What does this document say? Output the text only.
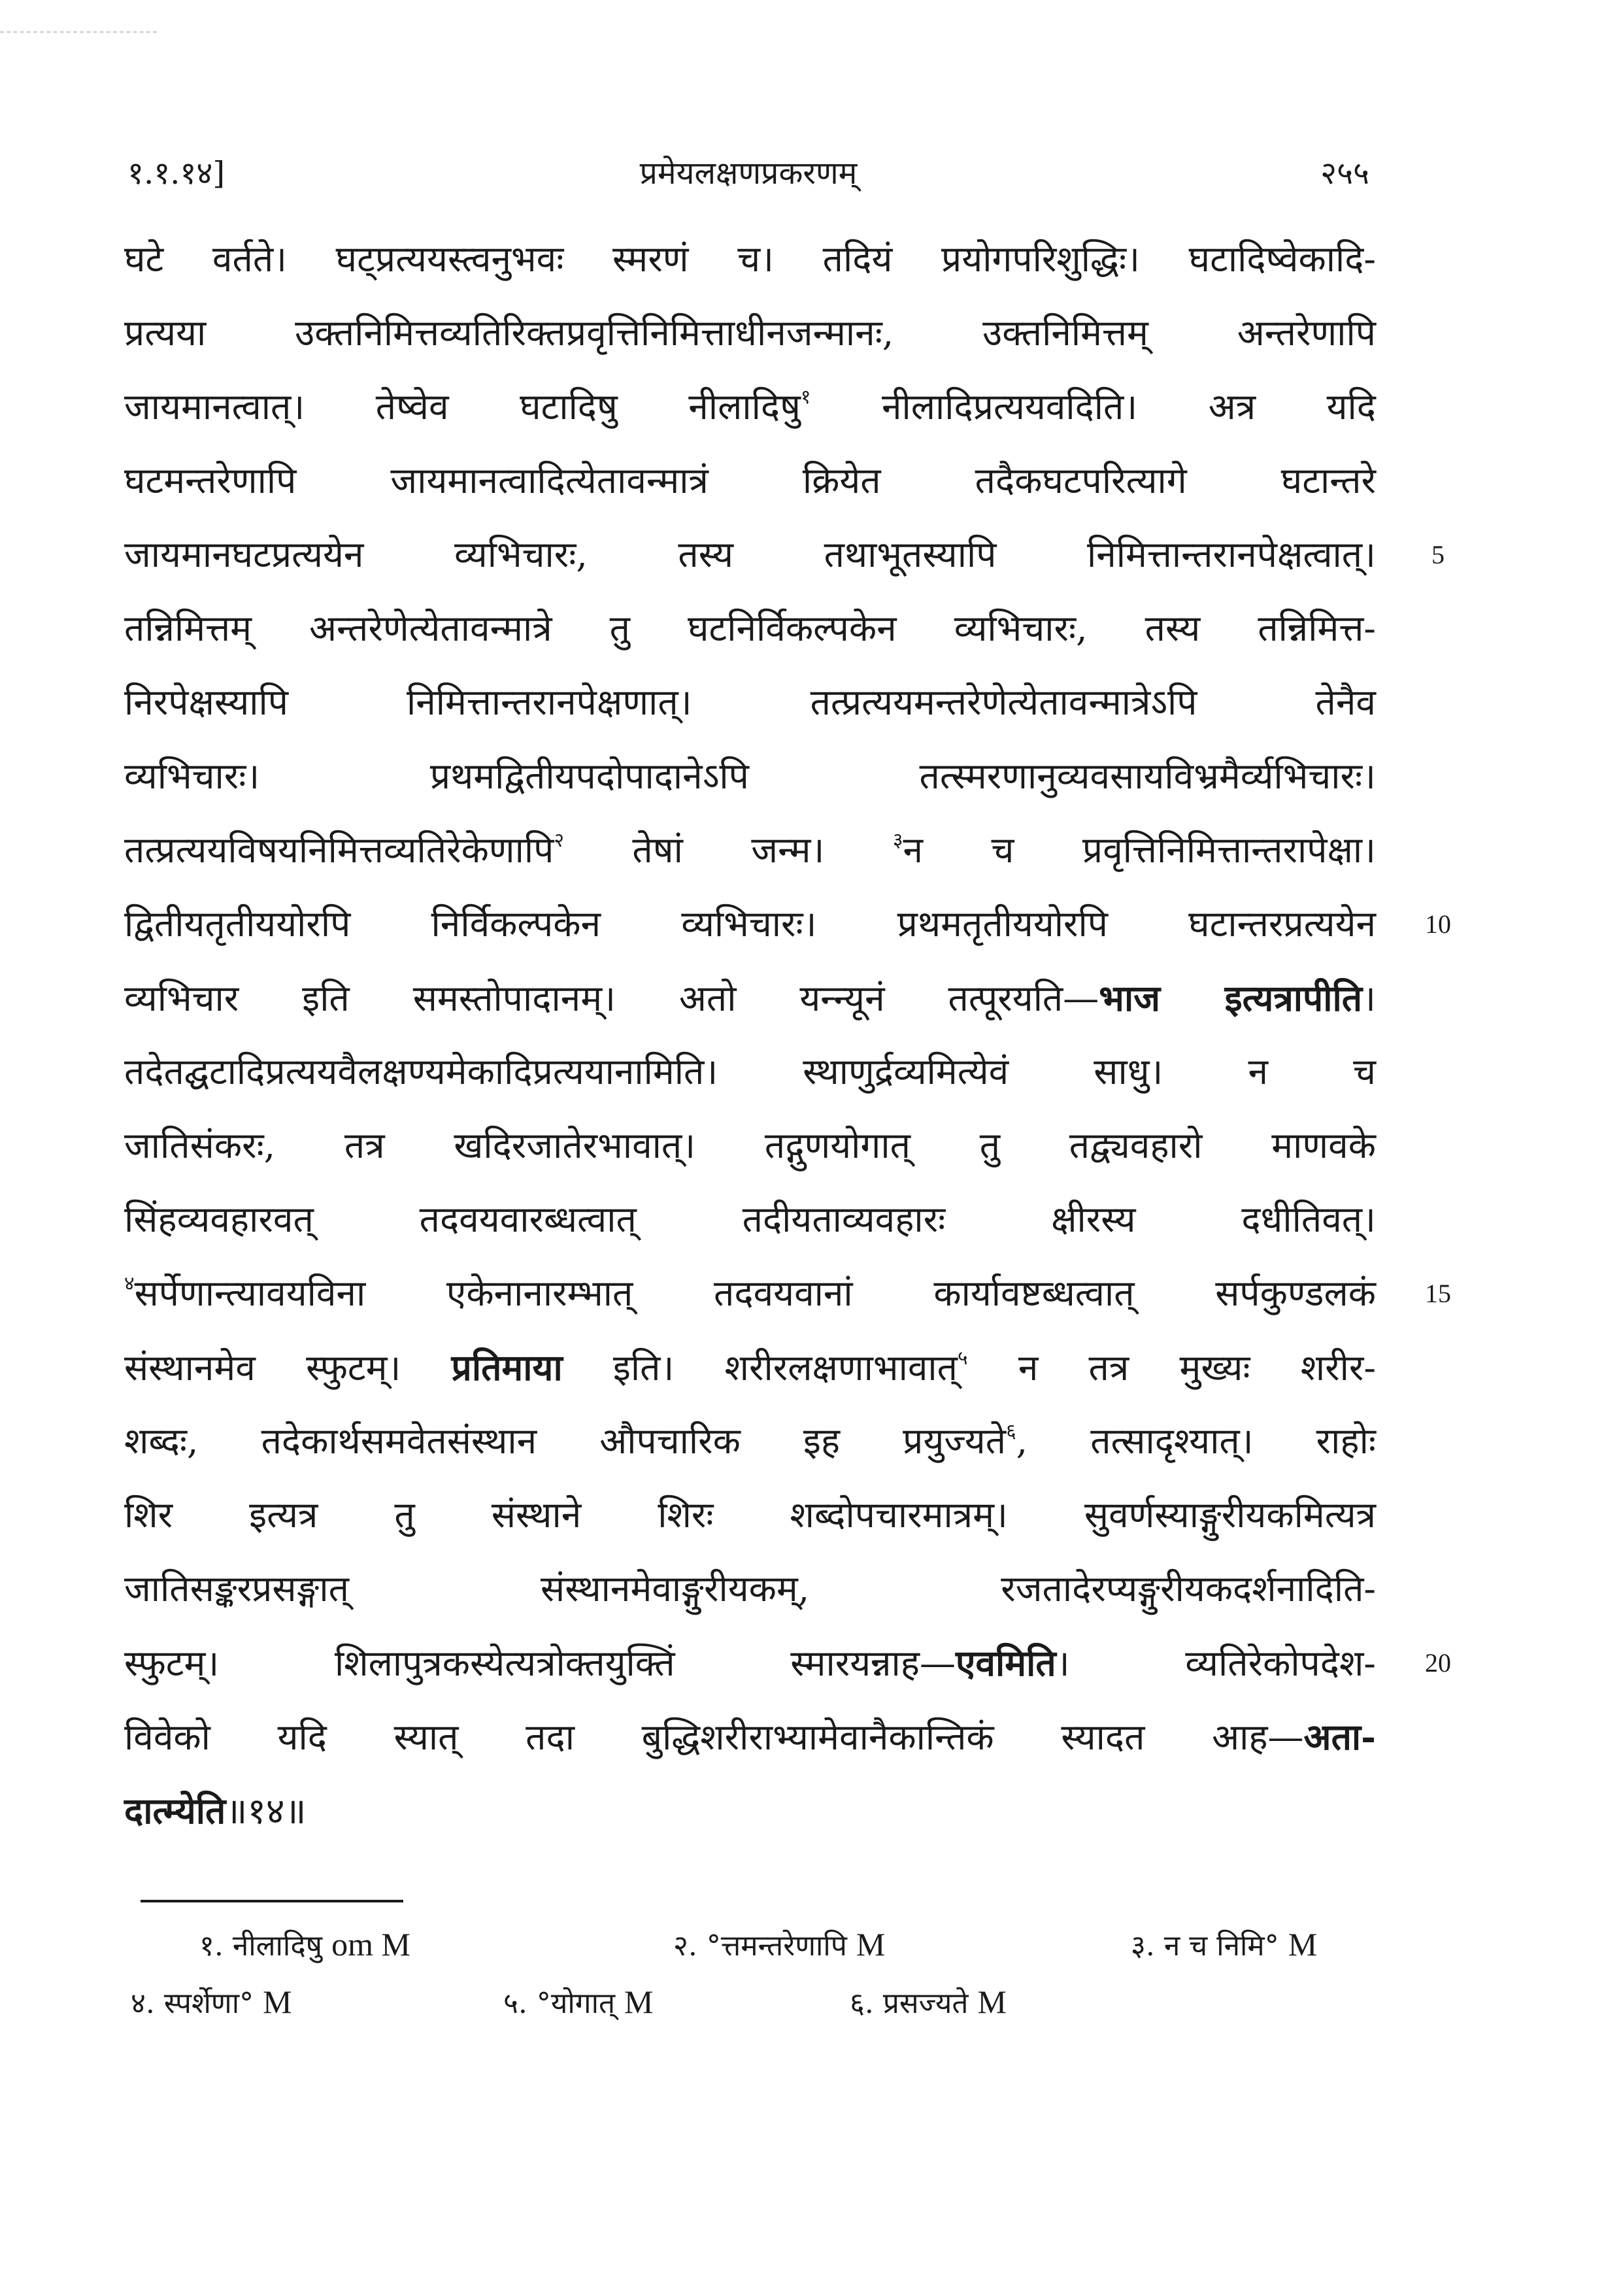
१.१.१४]	प्रमेयलक्षणप्रकरणम्	२५५
घटे वर्तते। घट्प्रत्ययस्त्वनुभवः स्मरणं च। तदियं प्रयोगपरिशुद्धिः। घटादिष्वेकादि-
प्रत्यया उक्तनिमित्तव्यतिरिक्तप्रवृत्तिनिमित्ताधीनजन्मानः, उक्तनिमित्तम् अन्तरेणापि
जायमानत्वात्। तेष्वेव घटादिषु नीलादिषु$^१$ नीलादिप्रत्ययवदिति। अत्र यदि
घटमन्तरेणापि जायमानत्वादित्येतावन्मात्रं क्रियेत तदैकघटपरित्यागे घटान्तरे
जायमानघटप्रत्ययेन व्यभिचारः, तस्य तथाभूतस्यापि निमित्तान्तरानपेक्षत्वात्।	5
तन्निमित्तम् अन्तरेणेत्येतावन्मात्रे तु घटनिर्विकल्पकेन व्यभिचारः, तस्य तन्निमित्त-
निरपेक्षस्यापि निमित्तान्तरानपेक्षणात्। तत्प्रत्ययमन्तरेणेत्येतावन्मात्रेऽपि तेनैव
व्यभिचारः। प्रथमद्वितीयपदोपादानेऽपि तत्स्मरणानुव्यवसायविभ्रमैर्व्यभिचारः।
तत्प्रत्ययविषयनिमित्तव्यतिरेकेणापि$^२$ तेषां जन्म। $^३$न च प्रवृत्तिनिमित्तान्तरापेक्षा।
द्वितीयतृतीययोरपि निर्विकल्पकेन व्यभिचारः। प्रथमतृतीययोरपि घटान्तरप्रत्ययेन	10
व्यभिचार इति समस्तोपादानम्। अतो यन्न्यूनं तत्पूरयति—भाज इत्यत्रापीति।
तदेतद्घटादिप्रत्ययवैलक्षण्यमेकादिप्रत्ययानामिति। स्थाणुर्द्रव्यमित्येवं साधु। न च
जातिसंकरः, तत्र खदिरजातेरभावात्। तद्गुणयोगात् तु तद्व्यवहारो माणवके
सिंहव्यवहारवत् तदवयवारब्धत्वात् तदीयताव्यवहारः क्षीरस्य दधीतिवत्।
$^४$सर्पेणान्त्यावयविना एकेनानारम्भात् तदवयवानां कार्यावष्टब्धत्वात् सर्पकुण्डलकं	15
संस्थानमेव स्फुटम्। प्रतिमाया इति। शरीरलक्षणाभावात्$^५$ न तत्र मुख्यः शरीर-
शब्दः, तदेकार्थसमवेतसंस्थान औपचारिक इह प्रयुज्यते$^६$, तत्सादृश्यात्। राहोः
शिर इत्यत्र तु संस्थाने शिरः शब्दोपचारमात्रम्। सुवर्णस्याङ्गुरीयकमित्यत्र
जातिसङ्करप्रसङ्गात् संस्थानमेवाङ्गुरीयकम्, रजतादेरप्यङ्गुरीयकदर्शनादिति-
स्फुटम्। शिलापुत्रकस्येत्यत्रोक्तयुक्तिं स्मारयन्नाह—एवमिति। व्यतिरेकोपदेश-	20
विवेको यदि स्यात् तदा बुद्धिशरीराभ्यामेवानैकान्तिकं स्यादत आह—अता-
दात्म्येति॥१४॥
१. नीलादिषु om M	२. °त्तमन्तरेणापि M	३. न च निमि° M
४. स्पर्शेणा° M	५. °योगात् M	६. प्रसज्यते M
